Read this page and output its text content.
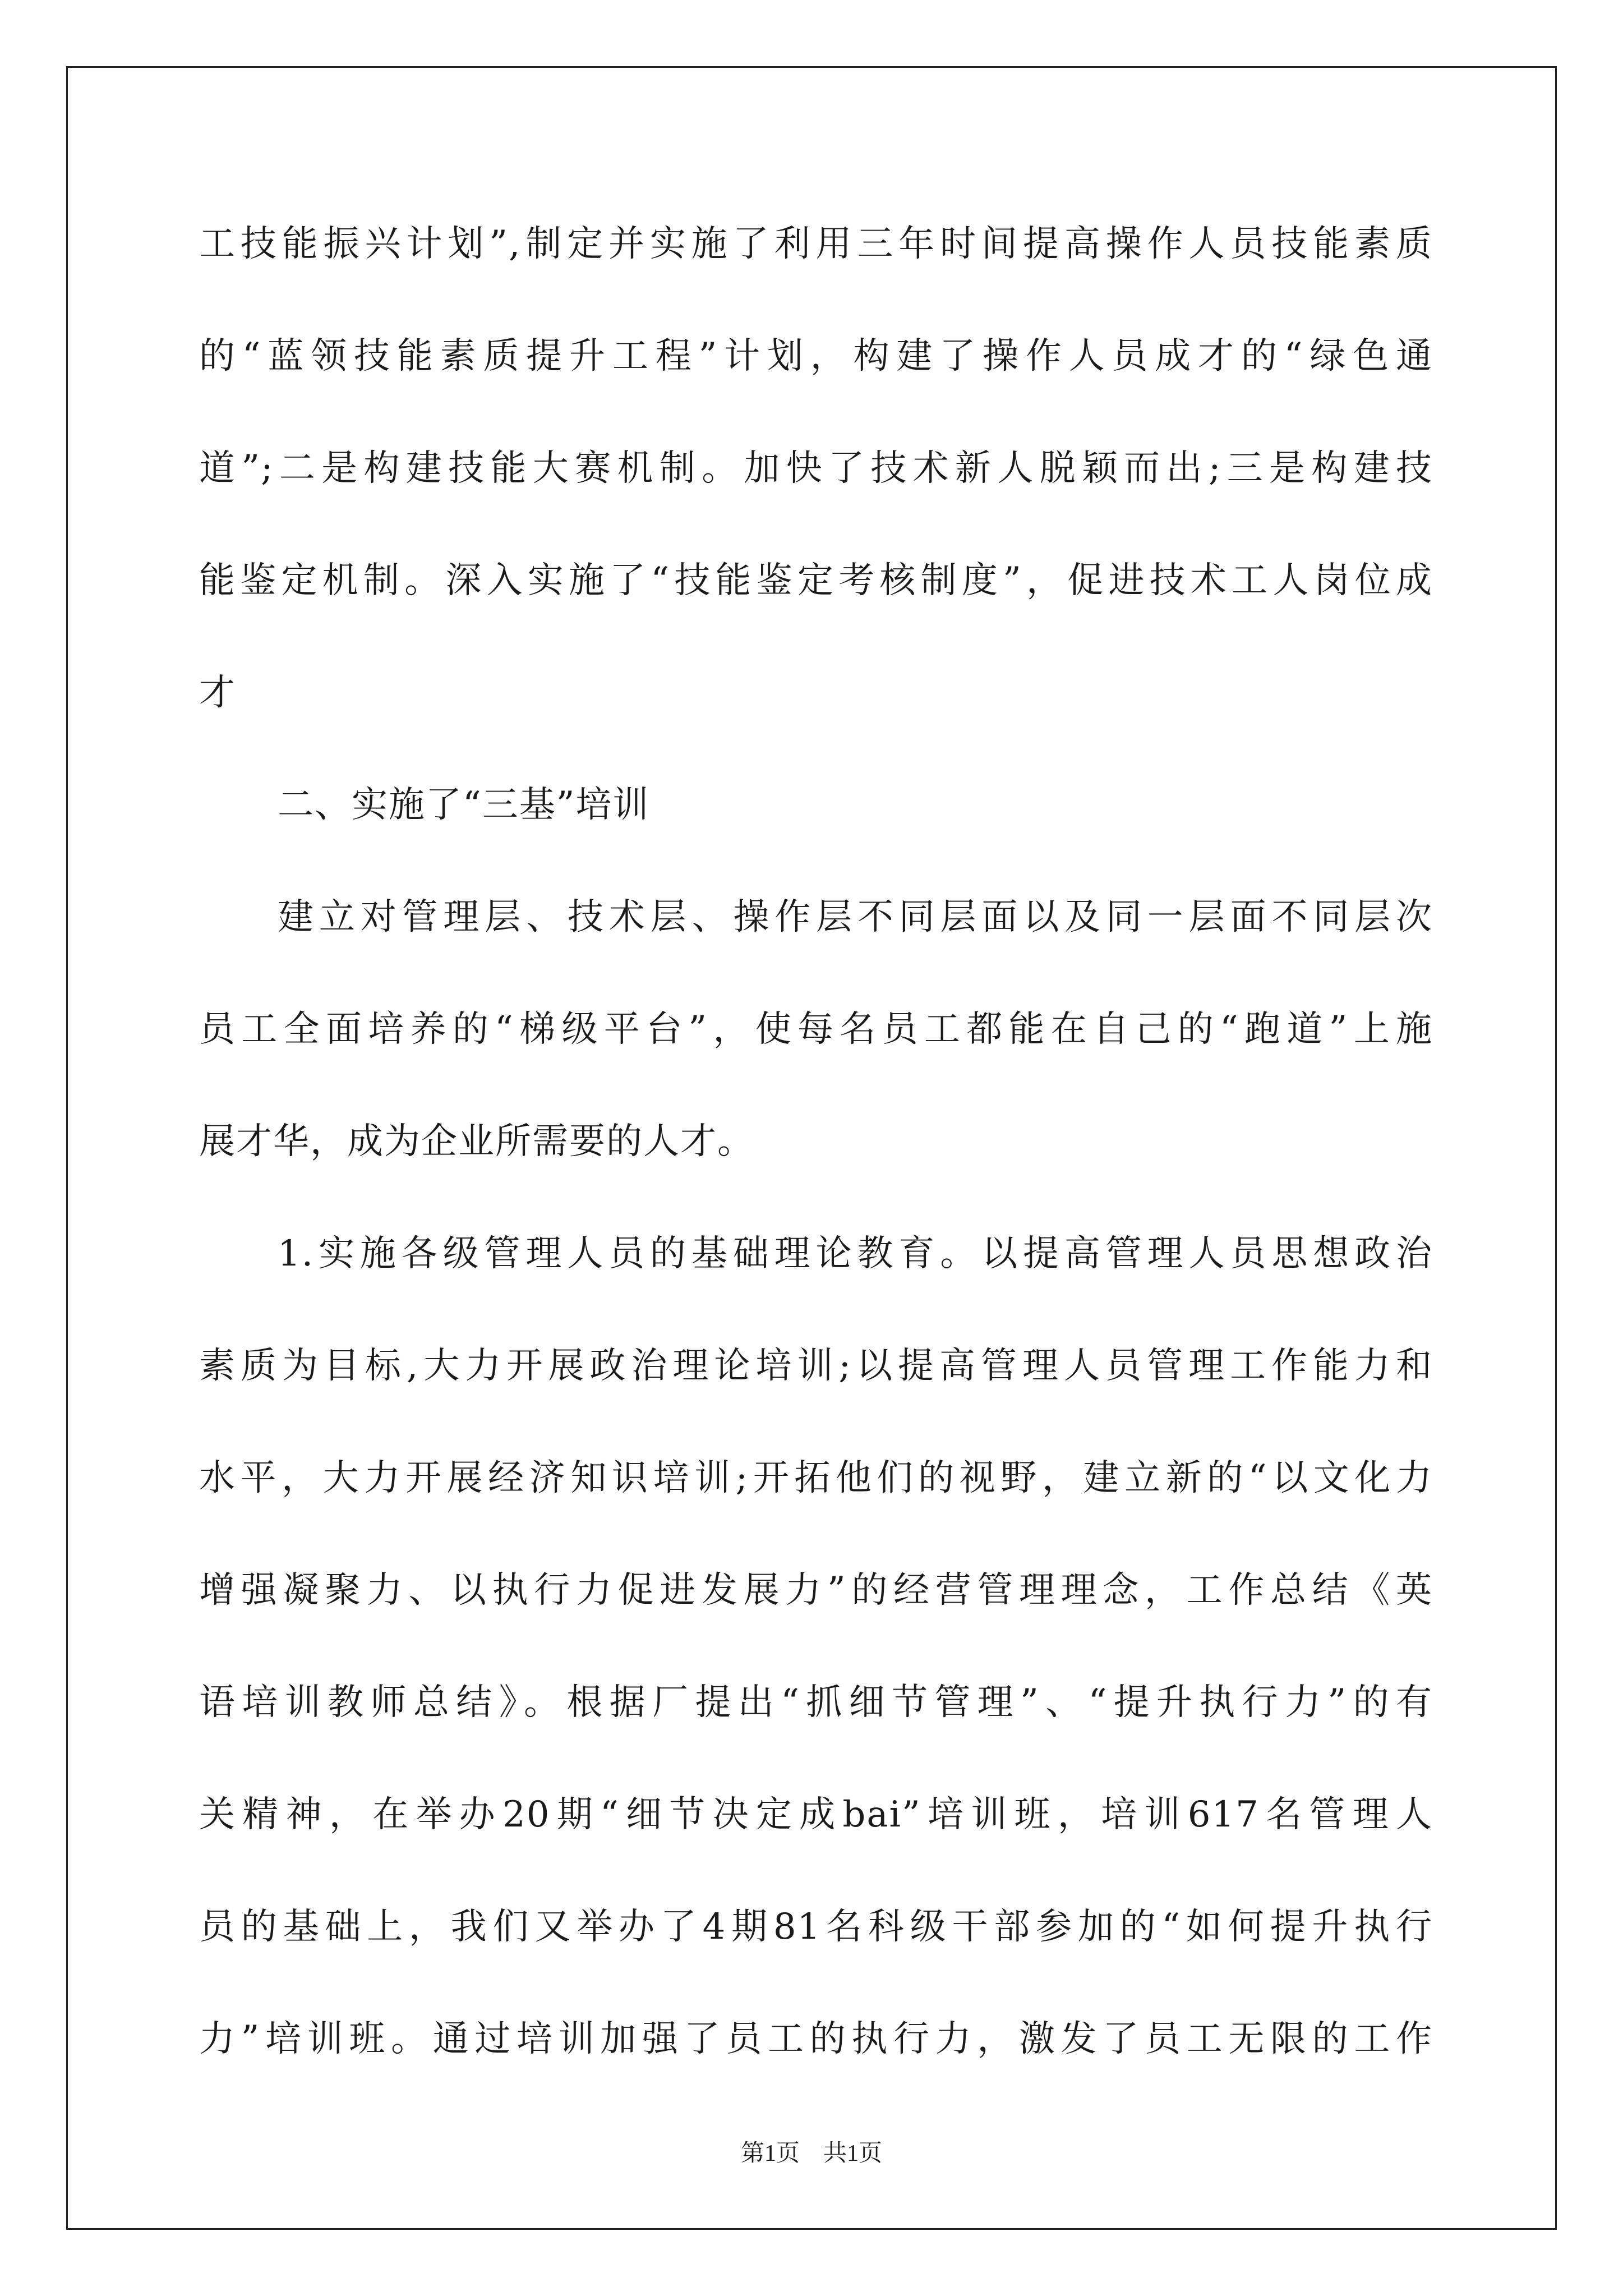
工技能振兴计划”,制定并实施了利用三年时间提高操作人员技能素质
的“蓝领技能素质提升工程”计划，构建了操作人员成才的“绿色通
道”;二是构建技能大赛机制。加快了技术新人脱颖而出;三是构建技
能鉴定机制。深入实施了“技能鉴定考核制度”，促进技术工人岗位成
才
二、实施了“三基”培训
建立对管理层、技术层、操作层不同层面以及同一层面不同层次
员工全面培养的“梯级平台”，使每名员工都能在自己的“跑道”上施
展才华，成为企业所需要的人才。
1.实施各级管理人员的基础理论教育。以提高管理人员思想政治
素质为目标,大力开展政治理论培训;以提高管理人员管理工作能力和
水平，大力开展经济知识培训;开拓他们的视野，建立新的“以文化力
增强凝聚力、以执行力促进发展力”的经营管理理念，工作总结《英
语培训教师总结》。根据厂提出“抓细节管理”、“提升执行力”的有
关精神，在举办20期“细节决定成bai”培训班，培训617名管理人
员的基础上，我们又举办了4期81名科级干部参加的“如何提升执行
力”培训班。通过培训加强了员工的执行力，激发了员工无限的工作
第1页　共1页
